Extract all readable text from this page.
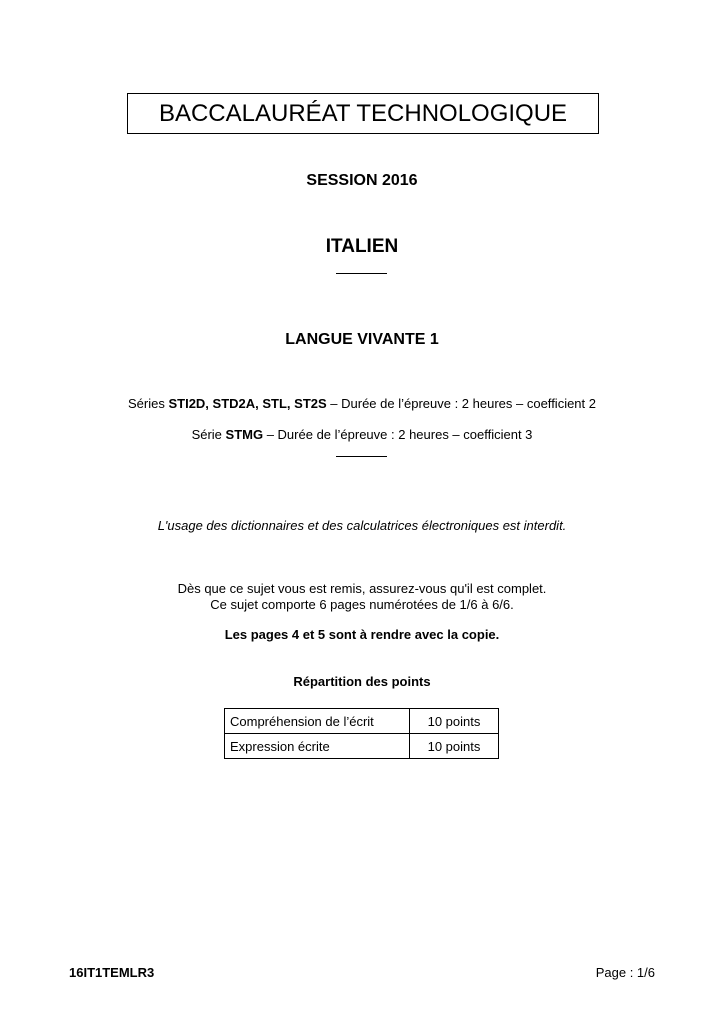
BACCALAURÉAT TECHNOLOGIQUE
SESSION 2016
ITALIEN
LANGUE VIVANTE 1
Séries STI2D, STD2A, STL, ST2S – Durée de l’épreuve : 2 heures – coefficient 2
Série STMG – Durée de l’épreuve : 2 heures – coefficient 3
L'usage des dictionnaires et des calculatrices électroniques est interdit.
Dès que ce sujet vous est remis, assurez-vous qu'il est complet.
Ce sujet comporte 6 pages numérotées de 1/6 à 6/6.
Les pages 4 et 5 sont à rendre avec la copie.
Répartition des points
Compréhension de l’écrit	10 points
Expression écrite	10 points
16IT1TEMLR3	Page : 1/6
